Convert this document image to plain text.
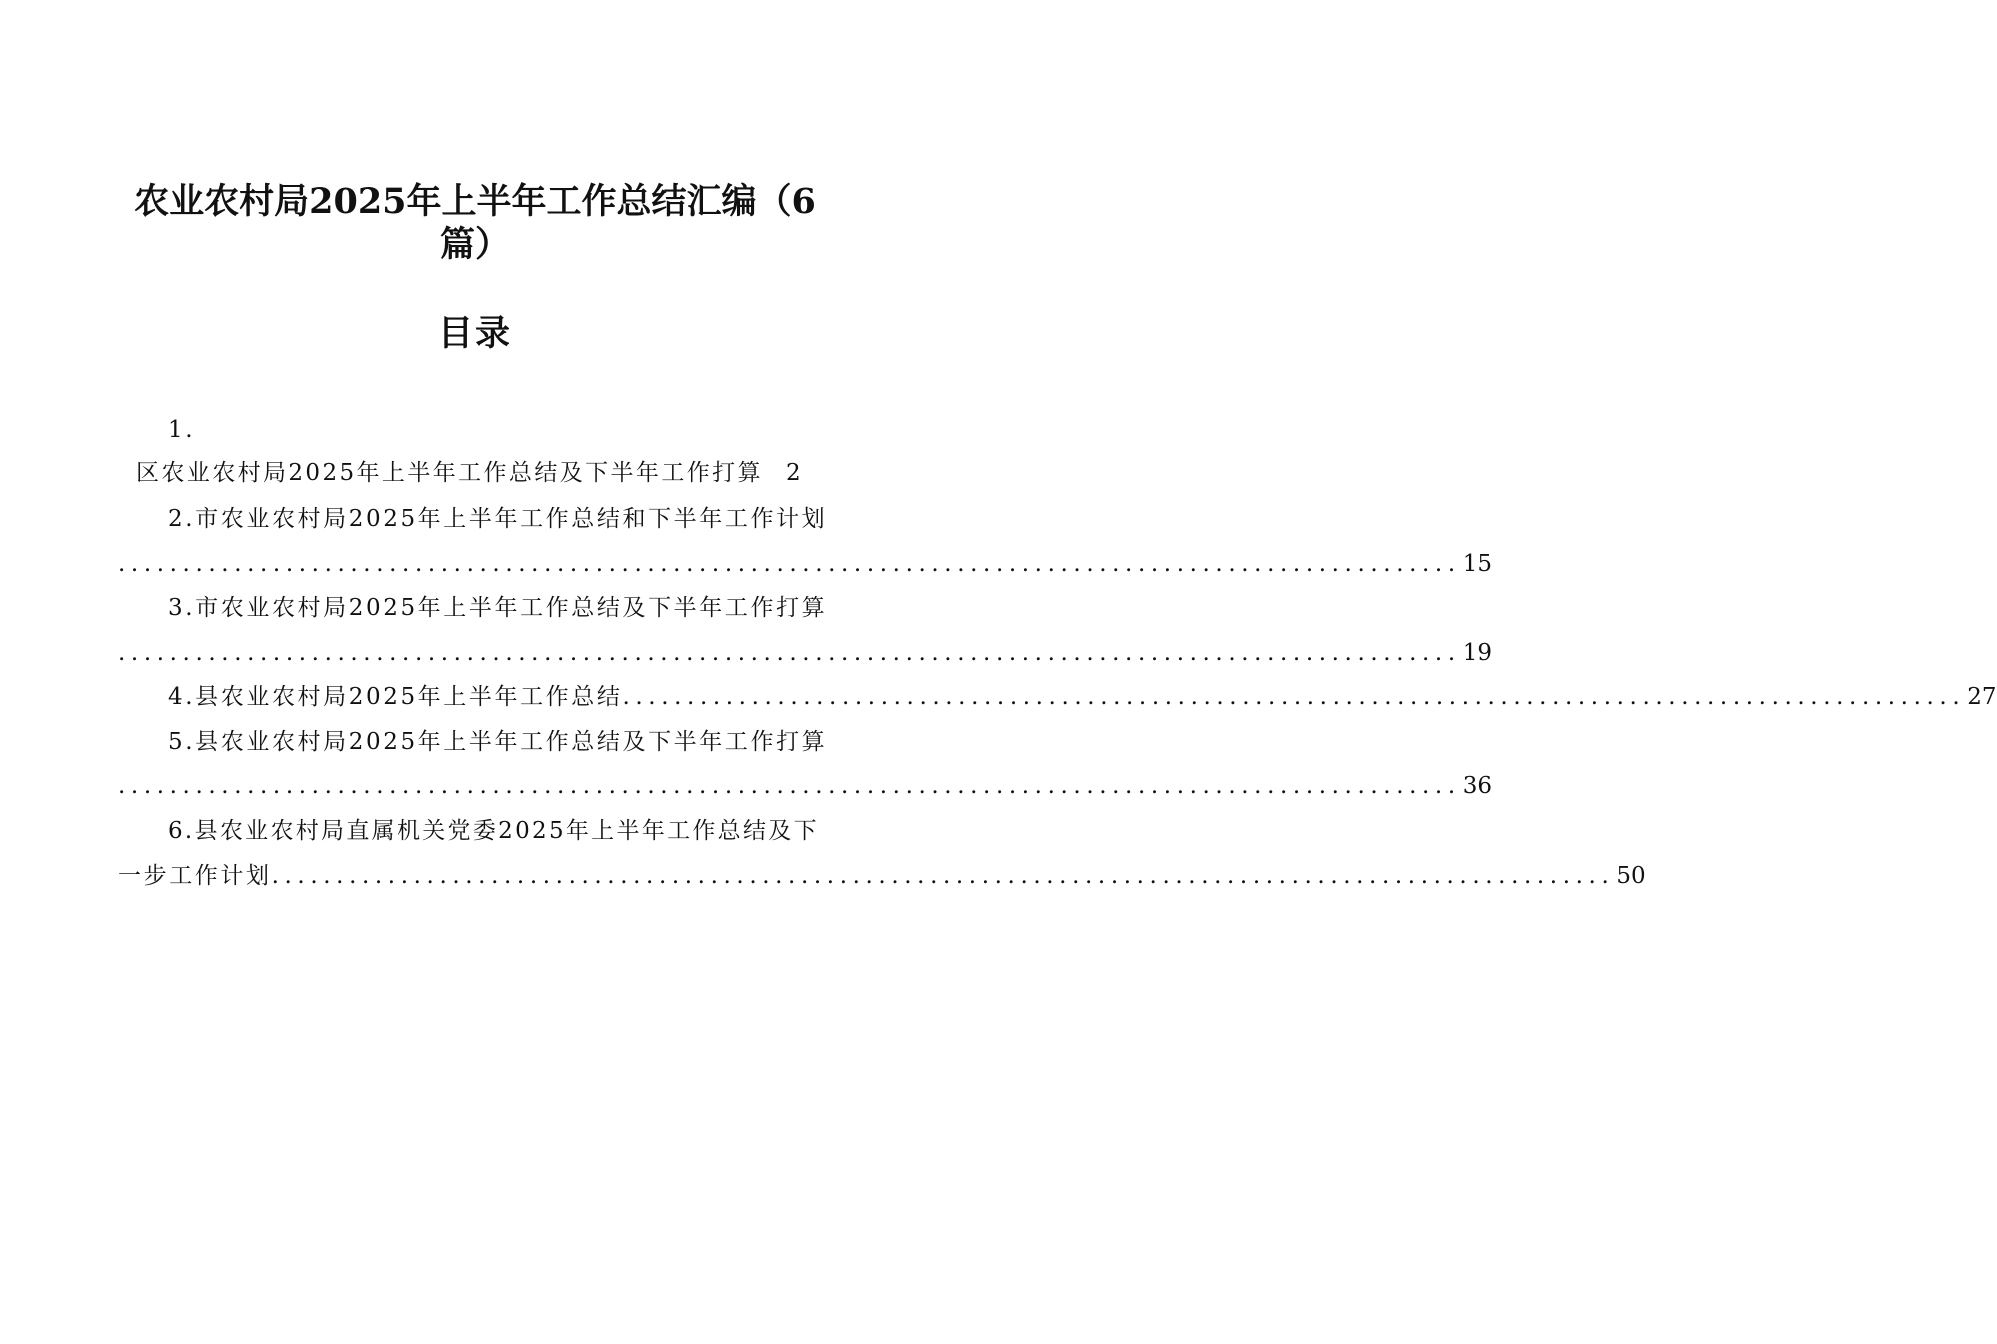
农业农村局2025年上半年工作总结汇编（6
篇）
目录
1.
区农业农村局2025年上半年工作总结及下半年工作打算 2
2.市农业农村局2025年上半年工作总结和下半年工作计划
........................................................................................................ 15
3.市农业农村局2025年上半年工作总结及下半年工作打算
........................................................................................................ 19
4.县农业农村局2025年上半年工作总结 ........................................................................................................ 27
5.县农业农村局2025年上半年工作总结及下半年工作打算
........................................................................................................ 36
6.县农业农村局直属机关党委2025年上半年工作总结及下
一步工作计划 ........................................................................................................ 50
